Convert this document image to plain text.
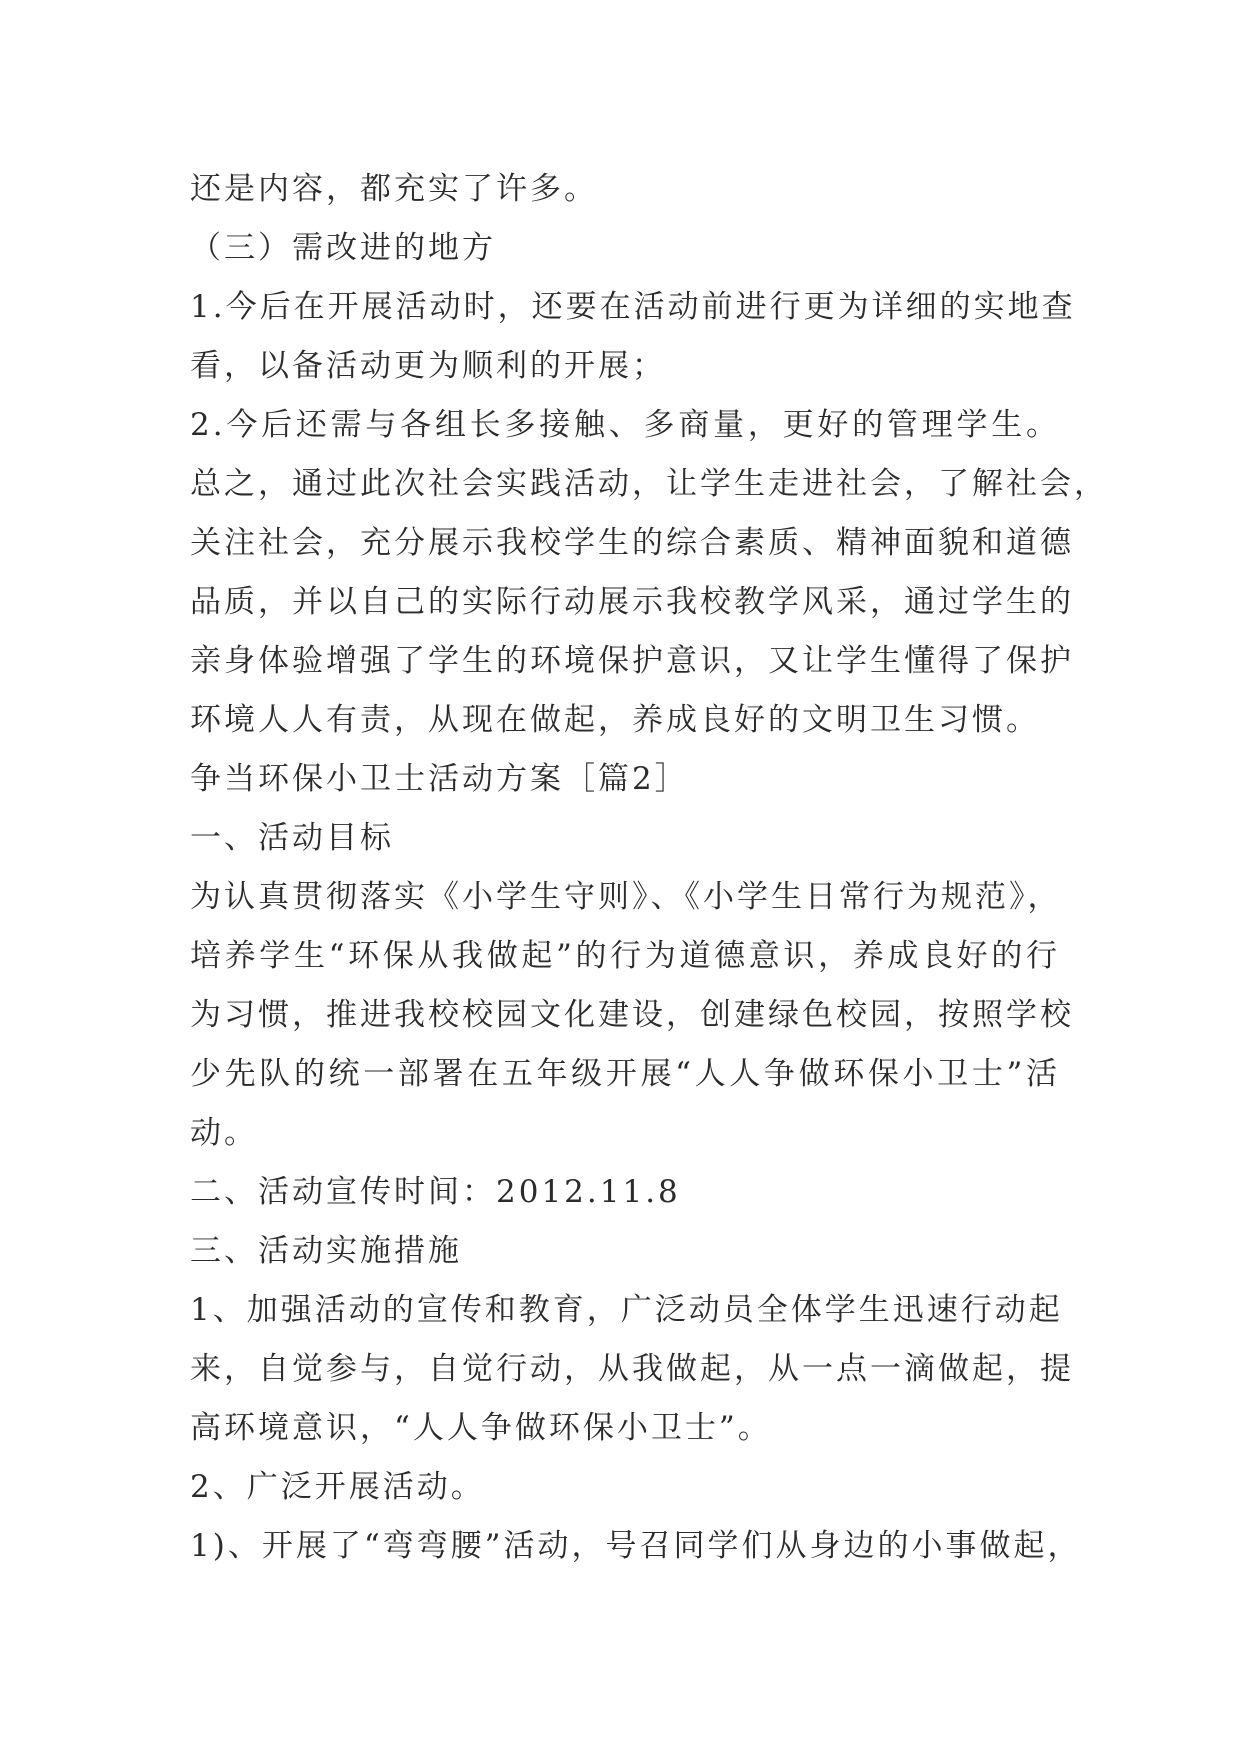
还是内容，都充实了许多。
（三）需改进的地方
1.今后在开展活动时，还要在活动前进行更为详细的实地查
看，以备活动更为顺利的开展；
2.今后还需与各组长多接触、多商量，更好的管理学生。
总之，通过此次社会实践活动，让学生走进社会，了解社会，
关注社会，充分展示我校学生的综合素质、精神面貌和道德
品质，并以自己的实际行动展示我校教学风采，通过学生的
亲身体验增强了学生的环境保护意识，又让学生懂得了保护
环境人人有责，从现在做起，养成良好的文明卫生习惯。
争当环保小卫士活动方案［篇2］
一、活动目标
为认真贯彻落实《小学生守则》、《小学生日常行为规范》，
培养学生“环保从我做起”的行为道德意识，养成良好的行
为习惯，推进我校校园文化建设，创建绿色校园，按照学校
少先队的统一部署在五年级开展“人人争做环保小卫士”活
动。
二、活动宣传时间：2012.11.8
三、活动实施措施
1、加强活动的宣传和教育，广泛动员全体学生迅速行动起
来，自觉参与，自觉行动，从我做起，从一点一滴做起，提
高环境意识，“人人争做环保小卫士”。
2、广泛开展活动。
1)、开展了“弯弯腰”活动，号召同学们从身边的小事做起，
